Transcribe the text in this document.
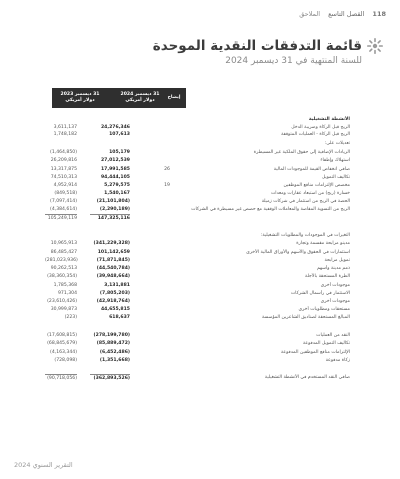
118
القصل التاسع
الملاحق
قائمة التدفقات النقدية الموحدة
للسنة المنتهية في 31 ديسمبر 2024
31 ديسمبر 2024 دولار أمريكي
31 ديسمبر 2023 دولار أمريكي
إيضاح
الأنشطة التشغيلية
الربح قبل الزكاة وضريبة الدخل
24,276,346
3,611,137
الربح قبل الزكاة - العمليات المتوقفة
107,613
1,748,182
تعديلات على:
الزيادات الإضافية إلى حقوق الملكية غير المسيطرة
105,179
(1,464,850)
استهلاك وإطفاء
27,012,539
26,209,816
صافي انخفاض القيمة للموجودات المالية
26
17,991,585
13,317,875
تكاليف التمويل
94,444,105
74,510,313
مخصص الإلتزامات منافع الموظفين
19
5,279,575
4,952,914
خسارة (ربح) من استبعاد عقارات ومعدات
1,540,167
(849,518)
الحصة في الربح من استثمار في شركات زميلة
(21,101,804)
(7,097,414)
الربح من التسوية المقاصة والمعاملات الوقفية مع حصص غير مسيطرة في الشركات
(2,290,189)
(4,384,614)
147,325,116
105,249,119
التغيرات في الموجودات والمطلوبات التشغيلية:
مدينو مرابحة مقسمة وتجارة
(341,229,328)
10,965,913
استثمارات في الحقوق والأسهم والأوراق المالية الأخرى
101,142,659
86,485,427
تمويل مرابحة
(71,871,845)
(281,023,936)
ذمم مدينة وأسهم
(44,540,784)
90,262,513
الطرة المستحقة بالأجلة
(39,948,664)
(38,360,354)
موجودات أخرى
3,131,881
1,785,368
الاستثمار في رأسمال الشركات
(7,805,203)
971,304
موجودات أخرى
(42,918,764)
(23,610,426)
مستحقات ومطلوبات أخرى
44,655,815
30,999,873
المبالغ المستحقة لصناديق الشاعرين المؤسسة
618,637
(223)
النقد من العمليات
(278,199,780)
(17,608,815)
تكاليف التمويل المدفوعة
(85,889,472)
(68,845,679)
الإلتزامات منافع الموظفين المدفوعة
(6,452,486)
(4,163,344)
زكاة مدفوعة
(1,351,668)
(728,098)
صافي النقد المستخدم في الأنشطة التشغيلية
(362,893,526)
(90,718,056)
التقرير السنوي 2024
